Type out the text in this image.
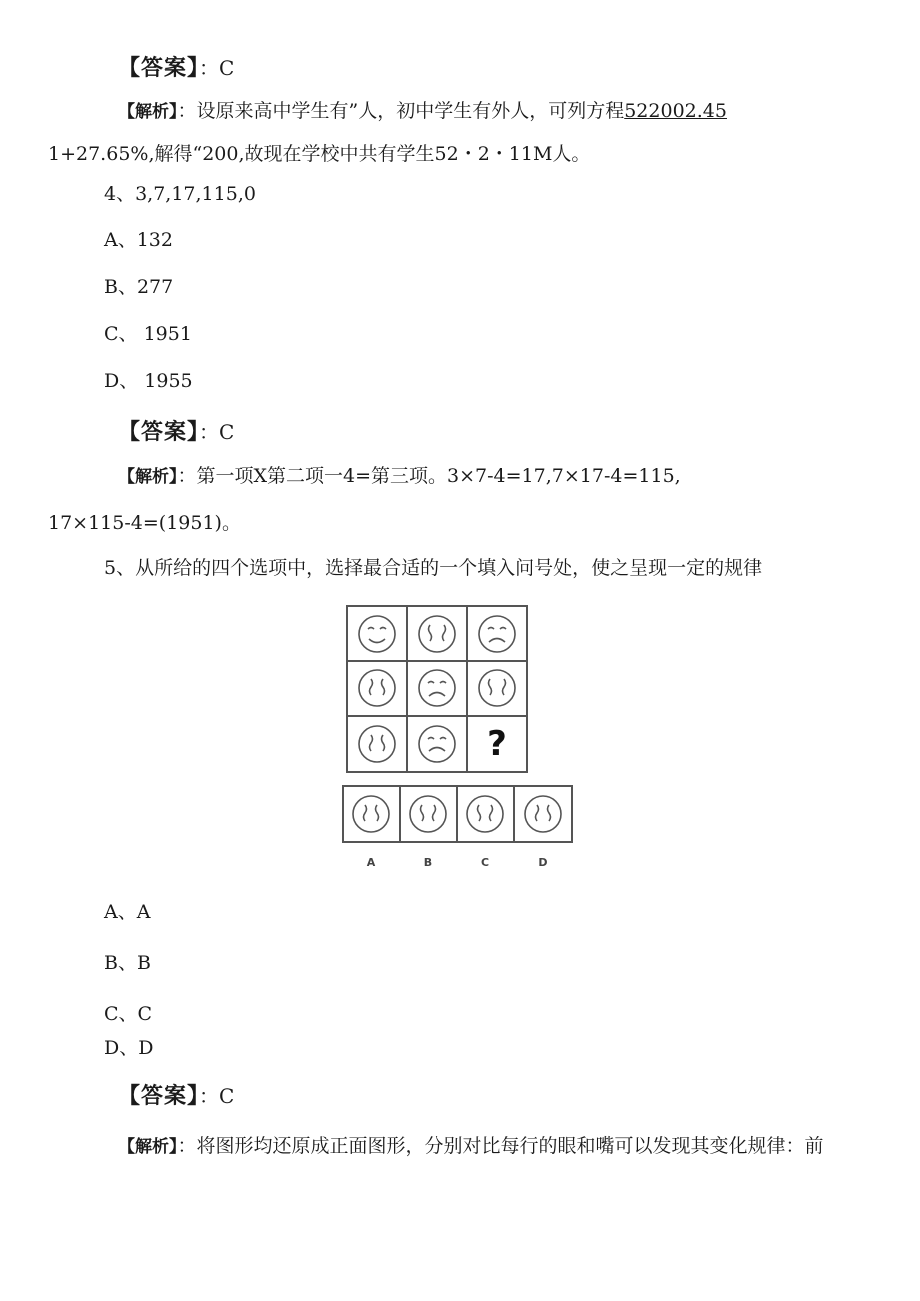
【答案】：C
【解析】：设原来高中学生有”人，初中学生有外人，可列方程522002.45
1+27.65%,解得“200,故现在学校中共有学生52・2・11M人。
4、3,7,17,115,0
A、132
B、277
C、 1951
D、 1955
【答案】：C
【解析】：第一项X第二项一4=第三项。3×7-4=17,7×17-4=115,
17×115-4=(1951)。
5、从所给的四个选项中，选择最合适的一个填入问号处，使之呈现一定的规律
?
A	B	C	D
A、A
B、B
C、C
D、D
【答案】：C
【解析】：将图形均还原成正面图形，分别对比每行的眼和嘴可以发现其变化规律：前
